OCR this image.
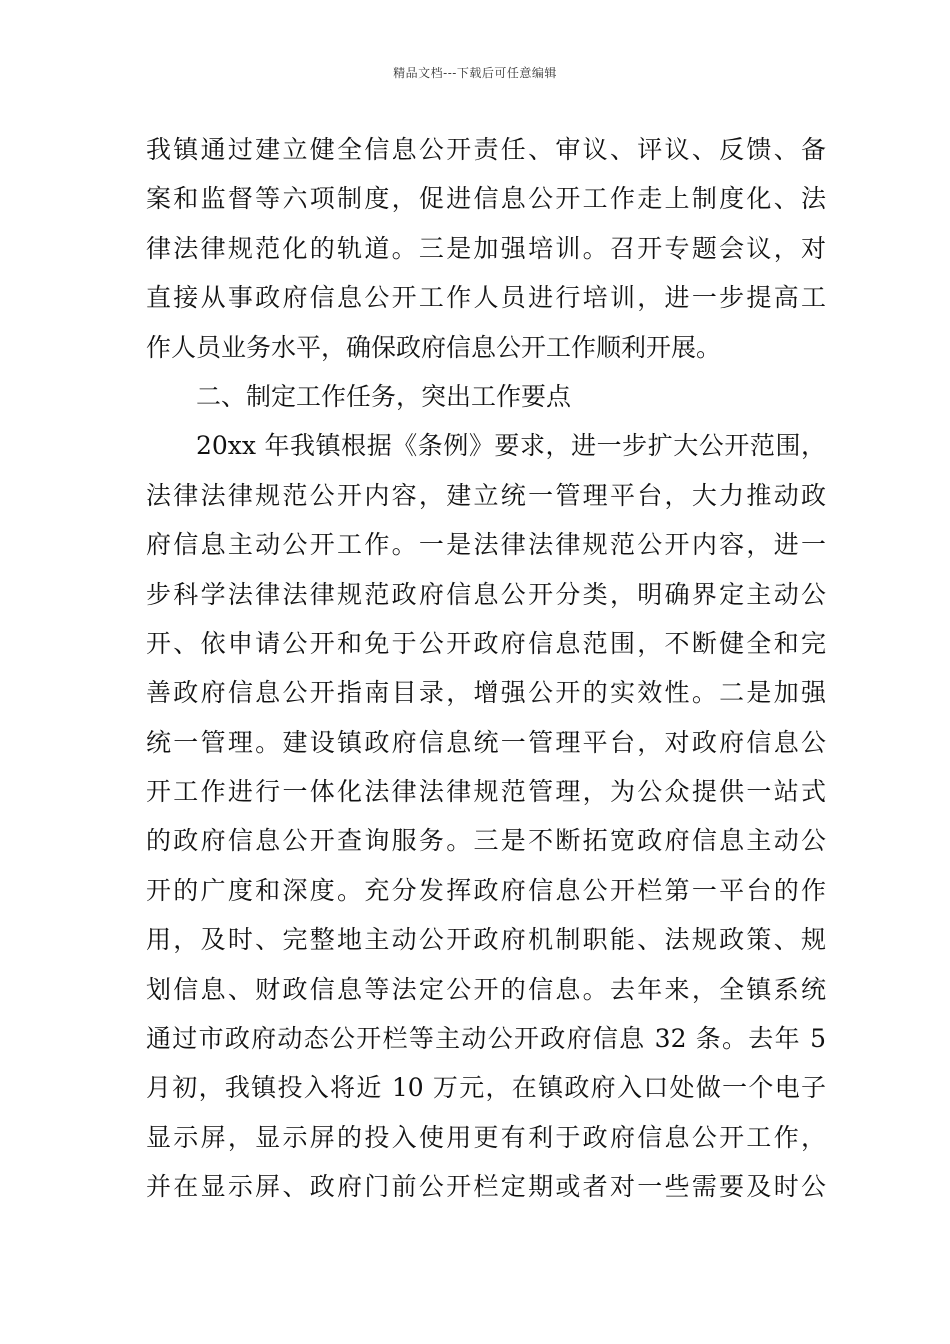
精品文档---下载后可任意编辑
我镇通过建立健全信息公开责任、审议、评议、反馈、备
案和监督等六项制度，促进信息公开工作走上制度化、法
律法律规范化的轨道。三是加强培训。召开专题会议，对
直接从事政府信息公开工作人员进行培训，进一步提高工
作人员业务水平，确保政府信息公开工作顺利开展。
二、制定工作任务，突出工作要点
20xx 年我镇根据《条例》要求，进一步扩大公开范围，
法律法律规范公开内容，建立统一管理平台，大力推动政
府信息主动公开工作。一是法律法律规范公开内容，进一
步科学法律法律规范政府信息公开分类，明确界定主动公
开、依申请公开和免于公开政府信息范围，不断健全和完
善政府信息公开指南目录，增强公开的实效性。二是加强
统一管理。建设镇政府信息统一管理平台，对政府信息公
开工作进行一体化法律法律规范管理，为公众提供一站式
的政府信息公开查询服务。三是不断拓宽政府信息主动公
开的广度和深度。充分发挥政府信息公开栏第一平台的作
用，及时、完整地主动公开政府机制职能、法规政策、规
划信息、财政信息等法定公开的信息。去年来，全镇系统
通过市政府动态公开栏等主动公开政府信息 32 条。去年 5
月初，我镇投入将近 10 万元，在镇政府入口处做一个电子
显示屏，显示屏的投入使用更有利于政府信息公开工作，
并在显示屏、政府门前公开栏定期或者对一些需要及时公
